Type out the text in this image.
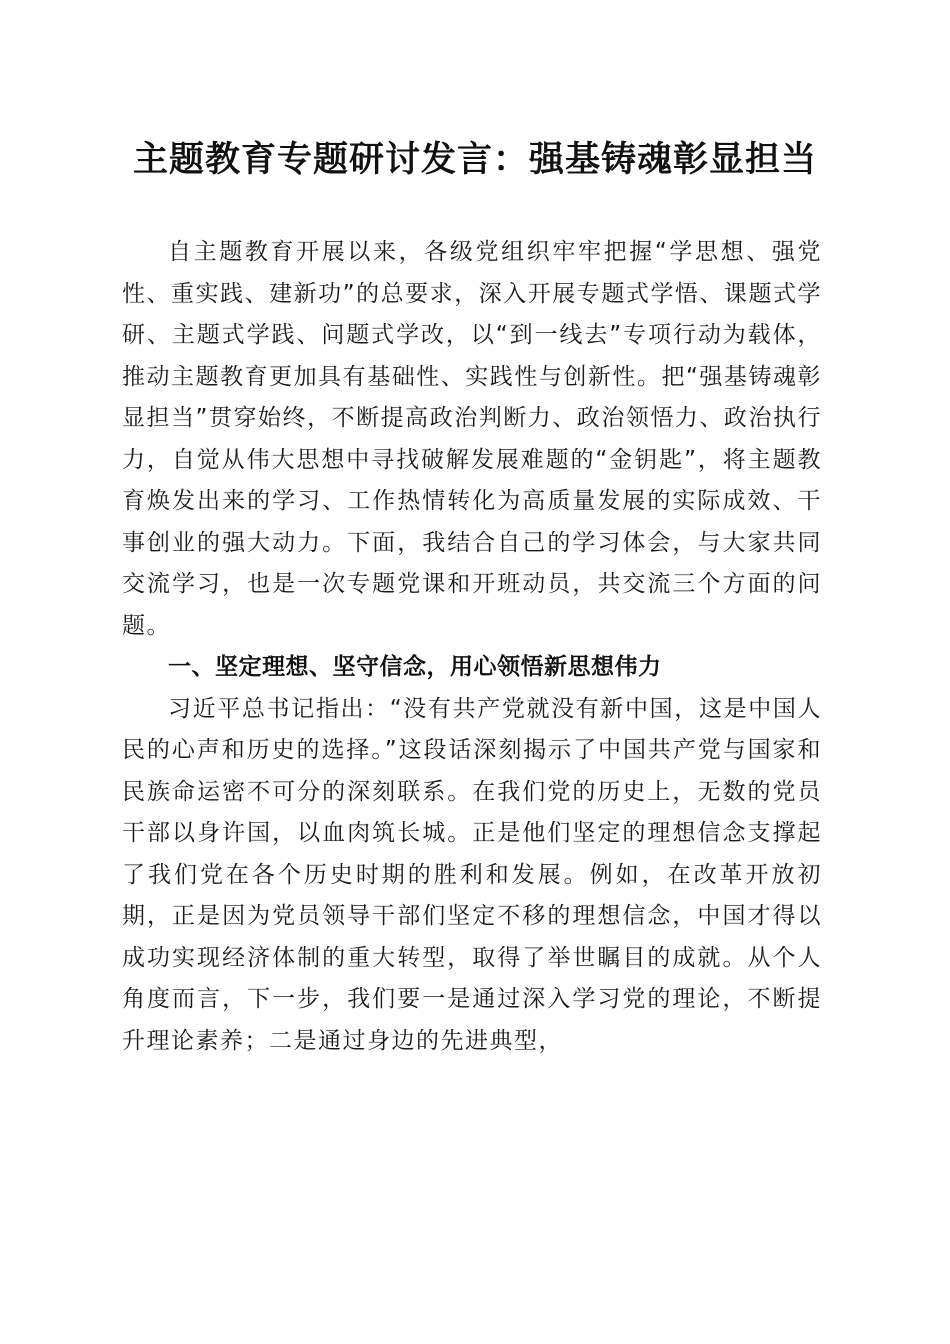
主题教育专题研讨发言：强基铸魂彰显担当

自主题教育开展以来，各级党组织牢牢把握“学思想、强党性、重实践、建新功”的总要求，深入开展专题式学悟、课题式学研、主题式学践、问题式学改，以“到一线去”专项行动为载体，推动主题教育更加具有基础性、实践性与创新性。把“强基铸魂彰显担当”贯穿始终，不断提高政治判断力、政治领悟力、政治执行力，自觉从伟大思想中寻找破解发展难题的“金钥匙”，将主题教育焕发出来的学习、工作热情转化为高质量发展的实际成效、干事创业的强大动力。下面，我结合自己的学习体会，与大家共同交流学习，也是一次专题党课和开班动员，共交流三个方面的问题。

一、坚定理想、坚守信念，用心领悟新思想伟力

习近平总书记指出：“没有共产党就没有新中国，这是中国人民的心声和历史的选择。”这段话深刻揭示了中国共产党与国家和民族命运密不可分的深刻联系。在我们党的历史上，无数的党员干部以身许国，以血肉筑长城。正是他们坚定的理想信念支撑起了我们党在各个历史时期的胜利和发展。例如，在改革开放初期，正是因为党员领导干部们坚定不移的理想信念，中国才得以成功实现经济体制的重大转型，取得了举世瞩目的成就。从个人角度而言，下一步，我们要一是通过深入学习党的理论，不断提升理论素养；二是通过身边的先进典型，
